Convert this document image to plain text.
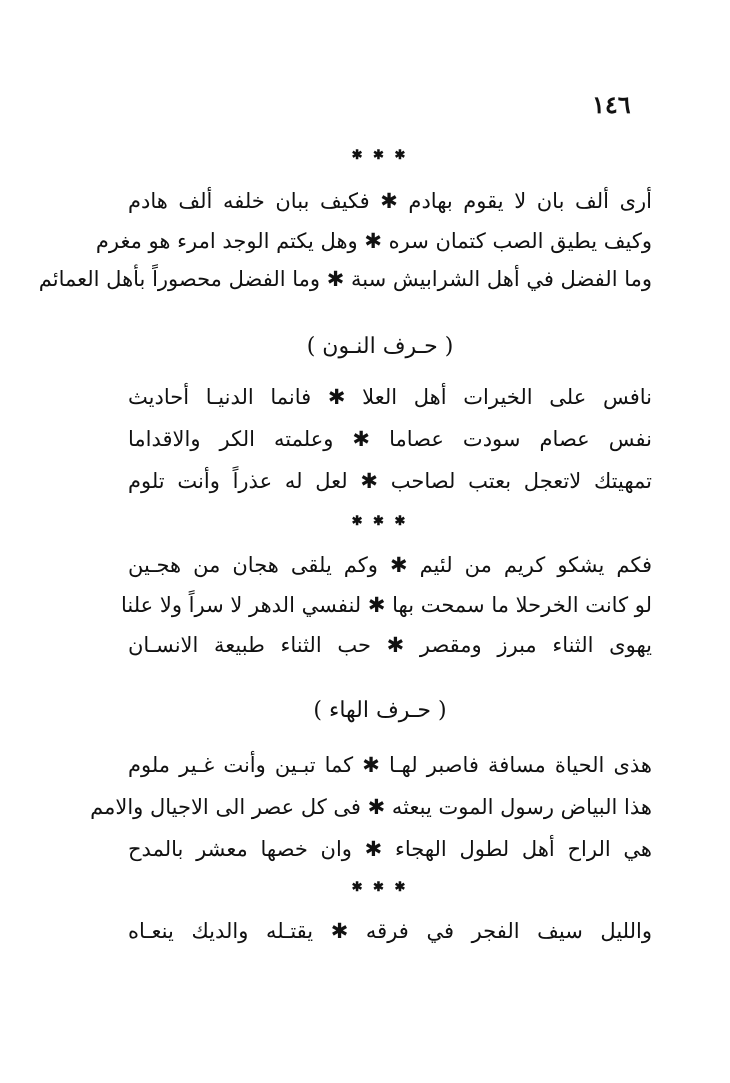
١٤٦
✱ ✱ ✱
أرى ألف بان لا يقوم بهادم ✱ فكيف ببان خلفه ألف هادم
وكيف يطيق الصب كتمان سره ✱ وهل يكتم الوجد امرء هو مغرم
وما الفضل في أهل الشرابيش سبة ✱ وما الفضل محصوراً بأهل العمائم
( حـرف النـون )
نافس على الخيرات أهل العلا ✱ فانما الدنيـا أحاديث
نفس عصام سودت عصاما ✱ وعلمته الكر والاقداما
تمهيتك لاتعجل بعتب لصاحب ✱ لعل له عذراً وأنت تلوم
✱ ✱ ✱
فكم يشكو كريم من لئيم ✱ وكم يلقى هجان من هجـين
لو كانت الخرحلا ما سمحت بها ✱ لنفسي الدهر لا سراً ولا علنا
يهوى الثناء مبرز ومقصر ✱ حب الثناء طبيعة الانسـان
( حـرف الهاء )
هذى الحياة مسافة فاصبر لهـا ✱ كما تبـين وأنت غـير ملوم
هذا البياض رسول الموت يبعثه ✱ فى كل عصر الى الاجيال والامم
هي الراح أهل لطول الهجاء ✱ وان خصها معشر بالمدح
✱ ✱ ✱
والليل سيف الفجر في فرقه ✱ يقتـله والديك ينعـاه
